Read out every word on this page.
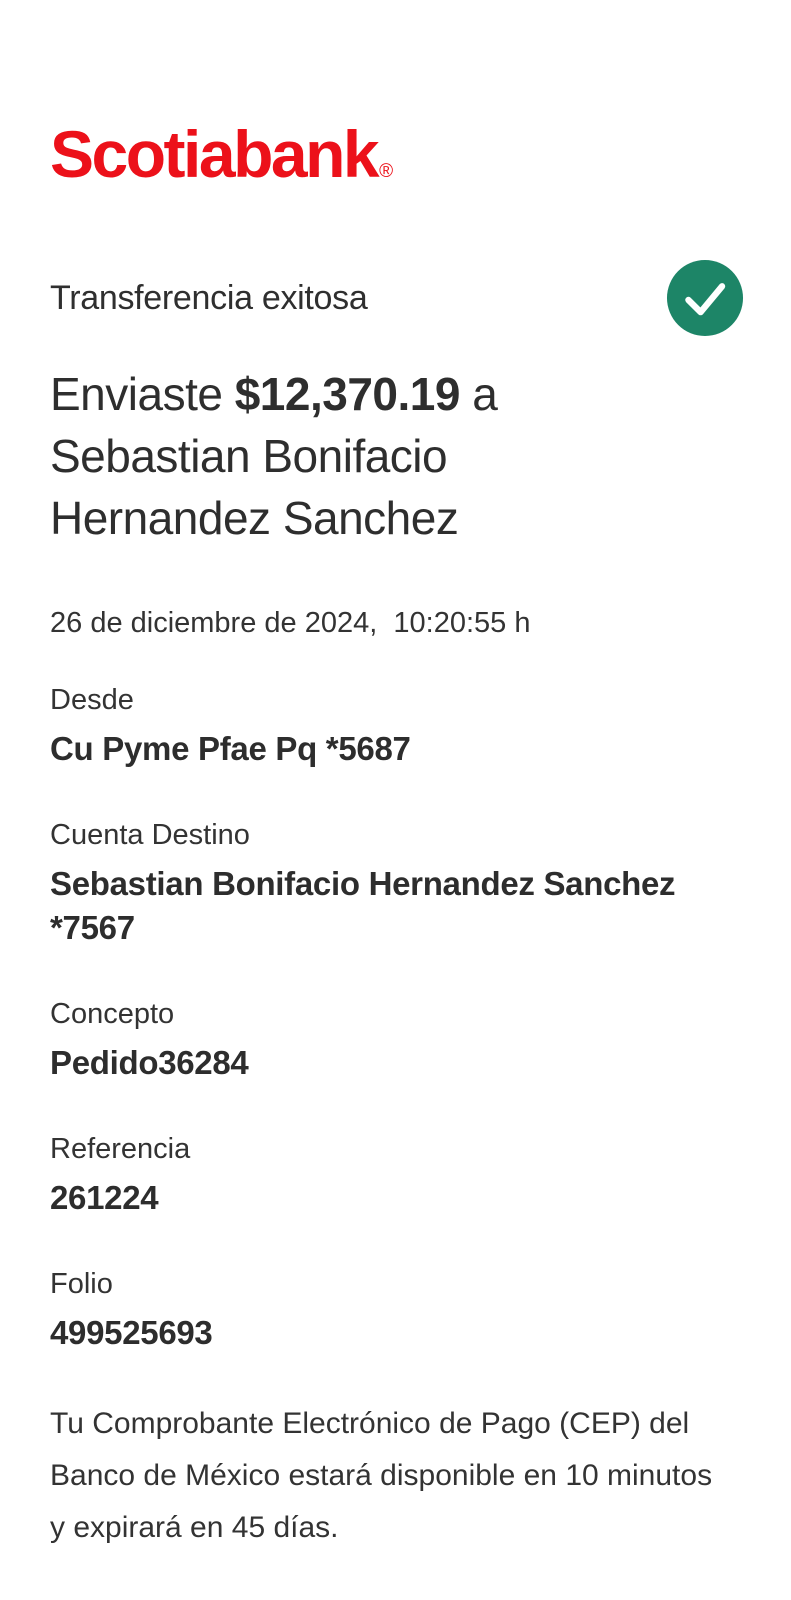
Scotiabank ®
Transferencia exitosa
Enviaste $12,370.19 a Sebastian Bonifacio Hernandez Sanchez
26 de diciembre de 2024,  10:20:55 h
Desde
Cu Pyme Pfae Pq *5687
Cuenta Destino
Sebastian Bonifacio Hernandez Sanchez *7567
Concepto
Pedido36284
Referencia
261224
Folio
499525693
Tu Comprobante Electrónico de Pago (CEP) del
Banco de México estará disponible en 10 minutos
y expirará en 45 días.
